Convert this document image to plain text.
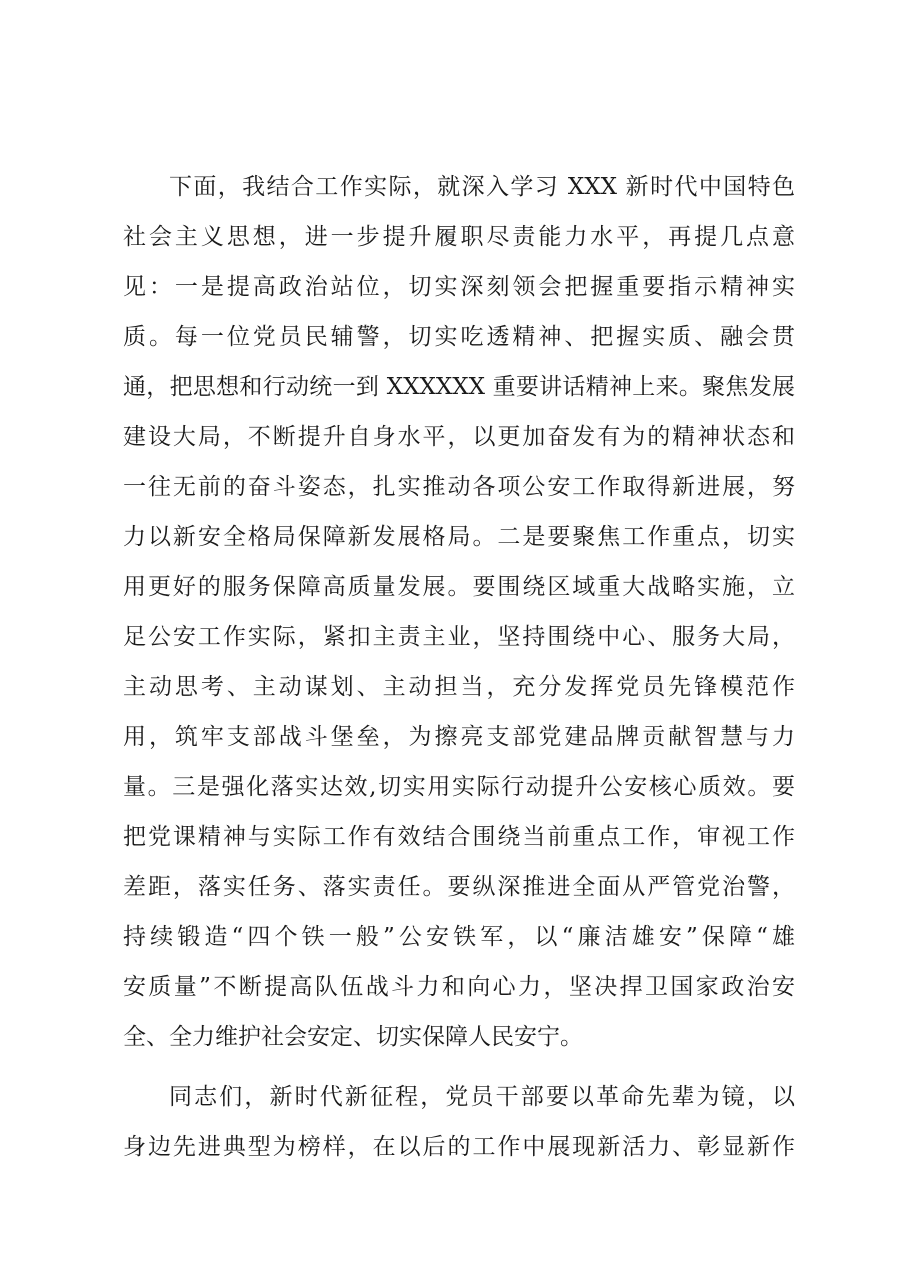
下面，我结合工作实际，就深入学习 XXX 新时代中国特色
社会主义思想，进一步提升履职尽责能力水平，再提几点意
见：一是提高政治站位，切实深刻领会把握重要指示精神实
质。每一位党员民辅警，切实吃透精神、把握实质、融会贯
通，把思想和行动统一到 XXXXXX 重要讲话精神上来。聚焦发展
建设大局，不断提升自身水平，以更加奋发有为的精神状态和
一往无前的奋斗姿态，扎实推动各项公安工作取得新进展，努
力以新安全格局保障新发展格局。二是要聚焦工作重点，切实
用更好的服务保障高质量发展。要围绕区域重大战略实施，立
足公安工作实际，紧扣主责主业，坚持围绕中心、服务大局，
主动思考、主动谋划、主动担当，充分发挥党员先锋模范作
用，筑牢支部战斗堡垒，为擦亮支部党建品牌贡献智慧与力
量。三是强化落实达效,切实用实际行动提升公安核心质效。要
把党课精神与实际工作有效结合围绕当前重点工作，审视工作
差距，落实任务、落实责任。要纵深推进全面从严管党治警，
持续锻造“四个铁一般”公安铁军，以“廉洁雄安”保障“雄
安质量”不断提高队伍战斗力和向心力，坚决捍卫国家政治安
全、全力维护社会安定、切实保障人民安宁。
同志们，新时代新征程，党员干部要以革命先辈为镜，以
身边先进典型为榜样，在以后的工作中展现新活力、彰显新作
